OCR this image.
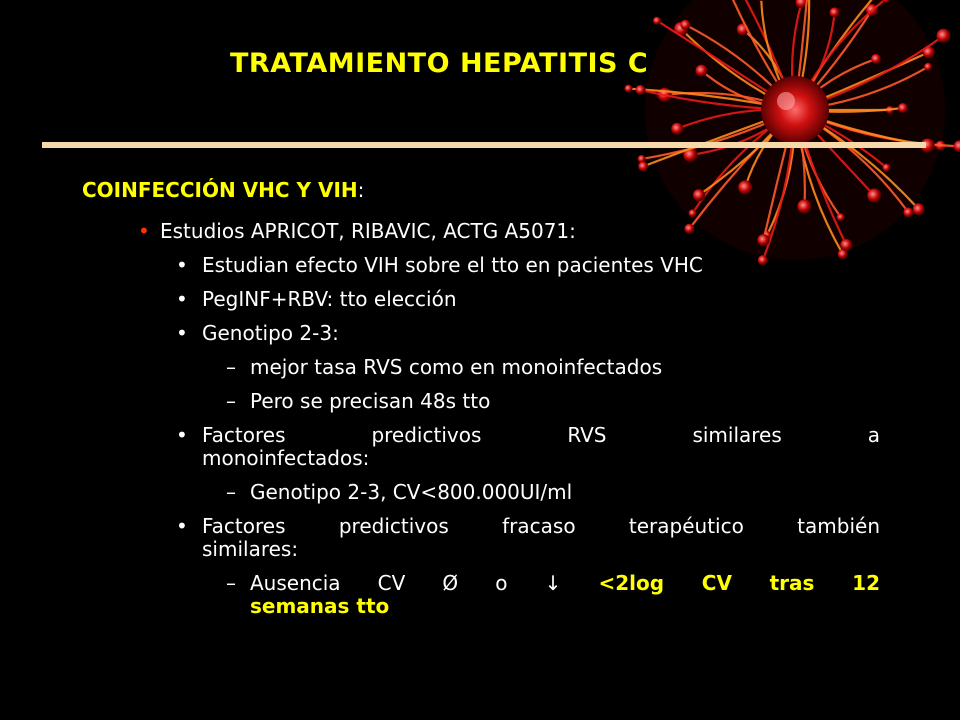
TRATAMIENTO HEPATITIS C
COINFECCIÓN VHC Y VIH:
• Estudios APRICOT, RIBAVIC, ACTG A5071:
• Estudian efecto VIH sobre el tto en pacientes VHC
• PegINF+RBV: tto elección
• Genotipo 2-3:
– mejor tasa RVS como en monoinfectados
– Pero se precisan 48s tto
• Factores predictivos RVS similares a
monoinfectados:
– Genotipo 2-3, CV<800.000UI/ml
• Factores predictivos fracaso terapéutico también
similares:
– Ausencia CV Ø o ↓ <2log CV tras 12
semanas tto
